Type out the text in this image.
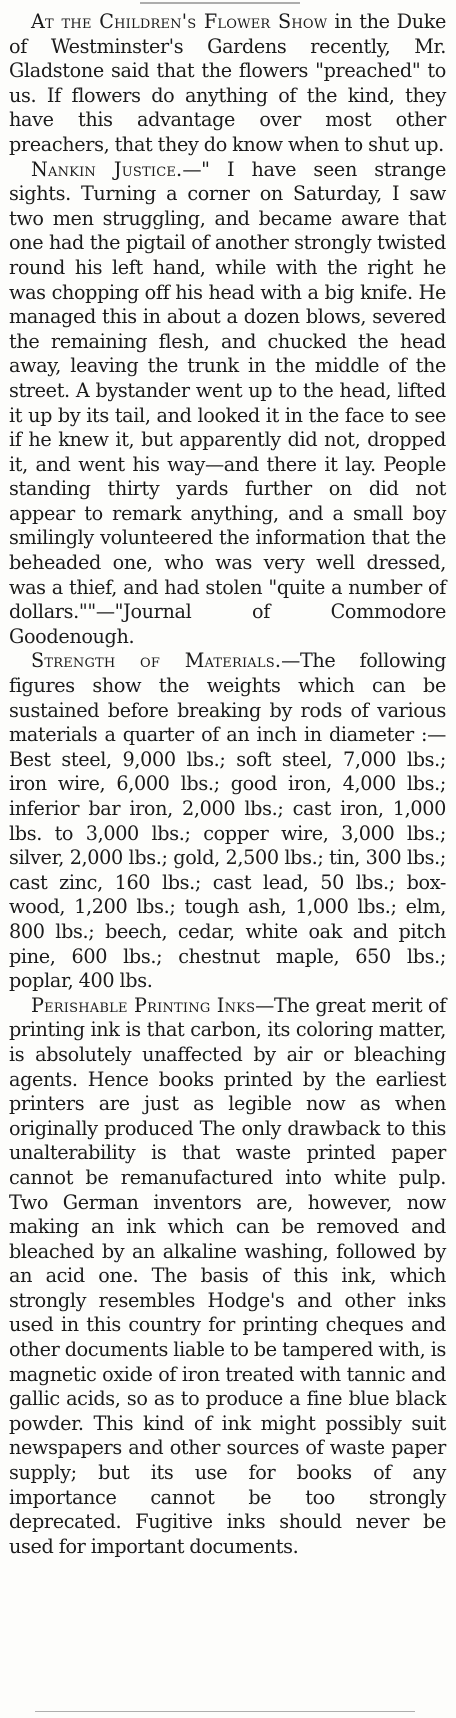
At the Children's Flower Show in the Duke of Westminster's Gardens recently, Mr. Gladstone said that the flowers "preached" to us. If flowers do anything of the kind, they have this advantage over most other preachers, that they do know when to shut up.

Nankin Justice.—" I have seen strange sights. Turning a corner on Saturday, I saw two men struggling, and became aware that one had the pigtail of another strongly twisted round his left hand, while with the right he was chopping off his head with a big knife. He managed this in about a dozen blows, severed the remaining flesh, and chucked the head away, leaving the trunk in the middle of the street. A bystander went up to the head, lifted it up by its tail, and looked it in the face to see if he knew it, but apparently did not, dropped it, and went his way—and there it lay. People standing thirty yards further on did not appear to remark anything, and a small boy smilingly volunteered the information that the beheaded one, who was very well dressed, was a thief, and had stolen "quite a number of dollars.""—"Journal of Commodore Goodenough.

Strength of Materials.—The following figures show the weights which can be sustained before breaking by rods of various materials a quarter of an inch in diameter :— Best steel, 9,000 lbs.; soft steel, 7,000 lbs.; iron wire, 6,000 lbs.; good iron, 4,000 lbs.; inferior bar iron, 2,000 lbs.; cast iron, 1,000 lbs. to 3,000 lbs.; copper wire, 3,000 lbs.; silver, 2,000 lbs.; gold, 2,500 lbs.; tin, 300 lbs.; cast zinc, 160 lbs.; cast lead, 50 lbs.; box-wood, 1,200 lbs.; tough ash, 1,000 lbs.; elm, 800 lbs.; beech, cedar, white oak and pitch pine, 600 lbs.; chestnut maple, 650 lbs.; poplar, 400 lbs.

Perishable Printing Inks—The great merit of printing ink is that carbon, its coloring matter, is absolutely unaffected by air or bleaching agents. Hence books printed by the earliest printers are just as legible now as when originally produced The only drawback to this unalterability is that waste printed paper cannot be remanufactured into white pulp. Two German inventors are, however, now making an ink which can be removed and bleached by an alkaline washing, followed by an acid one. The basis of this ink, which strongly resembles Hodge's and other inks used in this country for printing cheques and other documents liable to be tampered with, is magnetic oxide of iron treated with tannic and gallic acids, so as to produce a fine blue black powder. This kind of ink might possibly suit newspapers and other sources of waste paper supply; but its use for books of any importance cannot be too strongly deprecated. Fugitive inks should never be used for important documents.
